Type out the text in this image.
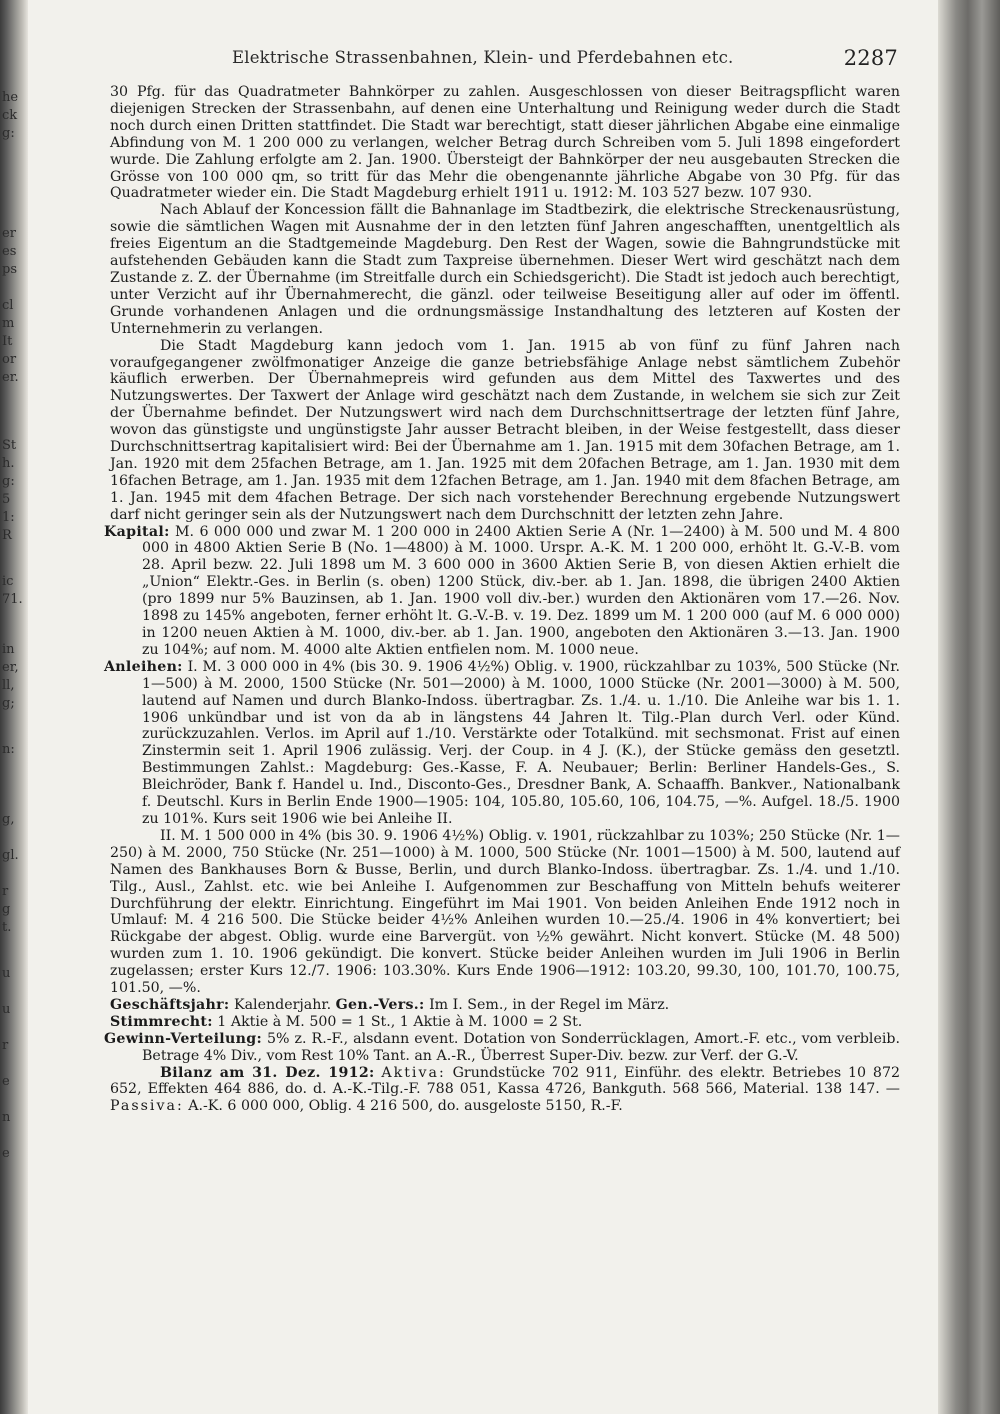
he
ck
g:
er
es
ps
cl
m
It
or
er.
St
h.
g:
5
1:
R
ic
71.
in
er,
ll,
g;
n:
g,
gl.
r
g
t.
u
u
r
e
n
e
Elektrische Strassenbahnen, Klein- und Pferdebahnen etc.	2287

30 Pfg. für das Quadratmeter Bahnkörper zu zahlen. Ausgeschlossen von dieser Beitragspflicht waren diejenigen Strecken der Strassenbahn, auf denen eine Unterhaltung und Reinigung weder durch die Stadt noch durch einen Dritten stattfindet. Die Stadt war berechtigt, statt dieser jährlichen Abgabe eine einmalige Abfindung von M. 1 200 000 zu verlangen, welcher Betrag durch Schreiben vom 5. Juli 1898 eingefordert wurde. Die Zahlung erfolgte am 2. Jan. 1900. Übersteigt der Bahnkörper der neu ausgebauten Strecken die Grösse von 100 000 qm, so tritt für das Mehr die obengenannte jährliche Abgabe von 30 Pfg. für das Quadratmeter wieder ein. Die Stadt Magdeburg erhielt 1911 u. 1912: M. 103 527 bezw. 107 930.

Nach Ablauf der Koncession fällt die Bahnanlage im Stadtbezirk, die elektrische Streckenausrüstung, sowie die sämtlichen Wagen mit Ausnahme der in den letzten fünf Jahren angeschafften, unentgeltlich als freies Eigentum an die Stadtgemeinde Magdeburg. Den Rest der Wagen, sowie die Bahngrundstücke mit aufstehenden Gebäuden kann die Stadt zum Taxpreise übernehmen. Dieser Wert wird geschätzt nach dem Zustande z. Z. der Übernahme (im Streitfalle durch ein Schiedsgericht). Die Stadt ist jedoch auch berechtigt, unter Verzicht auf ihr Übernahmerecht, die gänzl. oder teilweise Beseitigung aller auf oder im öffentl. Grunde vorhandenen Anlagen und die ordnungsmässige Instandhaltung des letzteren auf Kosten der Unternehmerin zu verlangen.

Die Stadt Magdeburg kann jedoch vom 1. Jan. 1915 ab von fünf zu fünf Jahren nach voraufgegangener zwölfmonatiger Anzeige die ganze betriebsfähige Anlage nebst sämtlichem Zubehör käuflich erwerben. Der Übernahmepreis wird gefunden aus dem Mittel des Taxwertes und des Nutzungswertes. Der Taxwert der Anlage wird geschätzt nach dem Zustande, in welchem sie sich zur Zeit der Übernahme befindet. Der Nutzungswert wird nach dem Durchschnittsertrage der letzten fünf Jahre, wovon das günstigste und ungünstigste Jahr ausser Betracht bleiben, in der Weise festgestellt, dass dieser Durchschnittsertrag kapitalisiert wird: Bei der Übernahme am 1. Jan. 1915 mit dem 30fachen Betrage, am 1. Jan. 1920 mit dem 25fachen Betrage, am 1. Jan. 1925 mit dem 20fachen Betrage, am 1. Jan. 1930 mit dem 16fachen Betrage, am 1. Jan. 1935 mit dem 12fachen Betrage, am 1. Jan. 1940 mit dem 8fachen Betrage, am 1. Jan. 1945 mit dem 4fachen Betrage. Der sich nach vorstehender Berechnung ergebende Nutzungswert darf nicht geringer sein als der Nutzungswert nach dem Durchschnitt der letzten zehn Jahre.

Kapital: M. 6 000 000 und zwar M. 1 200 000 in 2400 Aktien Serie A (Nr. 1—2400) à M. 500 und M. 4 800 000 in 4800 Aktien Serie B (No. 1—4800) à M. 1000. Urspr. A.-K. M. 1 200 000, erhöht lt. G.-V.-B. vom 28. April bezw. 22. Juli 1898 um M. 3 600 000 in 3600 Aktien Serie B, von diesen Aktien erhielt die „Union“ Elektr.-Ges. in Berlin (s. oben) 1200 Stück, div.-ber. ab 1. Jan. 1898, die übrigen 2400 Aktien (pro 1899 nur 5% Bauzinsen, ab 1. Jan. 1900 voll div.-ber.) wurden den Aktionären vom 17.—26. Nov. 1898 zu 145% angeboten, ferner erhöht lt. G.-V.-B. v. 19. Dez. 1899 um M. 1 200 000 (auf M. 6 000 000) in 1200 neuen Aktien à M. 1000, div.-ber. ab 1. Jan. 1900, angeboten den Aktionären 3.—13. Jan. 1900 zu 104%; auf nom. M. 4000 alte Aktien entfielen nom. M. 1000 neue.

Anleihen: I. M. 3 000 000 in 4% (bis 30. 9. 1906 4½%) Oblig. v. 1900, rückzahlbar zu 103%, 500 Stücke (Nr. 1—500) à M. 2000, 1500 Stücke (Nr. 501—2000) à M. 1000, 1000 Stücke (Nr. 2001—3000) à M. 500, lautend auf Namen und durch Blanko-Indoss. übertragbar. Zs. 1./4. u. 1./10. Die Anleihe war bis 1. 1. 1906 unkündbar und ist von da ab in längstens 44 Jahren lt. Tilg.-Plan durch Verl. oder Künd. zurückzuzahlen. Verlos. im April auf 1./10. Verstärkte oder Totalkünd. mit sechsmonat. Frist auf einen Zinstermin seit 1. April 1906 zulässig. Verj. der Coup. in 4 J. (K.), der Stücke gemäss den gesetztl. Bestimmungen Zahlst.: Magdeburg: Ges.-Kasse, F. A. Neubauer; Berlin: Berliner Handels-Ges., S. Bleichröder, Bank f. Handel u. Ind., Disconto-Ges., Dresdner Bank, A. Schaaffh. Bankver., Nationalbank f. Deutschl. Kurs in Berlin Ende 1900—1905: 104, 105.80, 105.60, 106, 104.75, —%. Aufgel. 18./5. 1900 zu 101%. Kurs seit 1906 wie bei Anleihe II.

II. M. 1 500 000 in 4% (bis 30. 9. 1906 4½%) Oblig. v. 1901, rückzahlbar zu 103%; 250 Stücke (Nr. 1—250) à M. 2000, 750 Stücke (Nr. 251—1000) à M. 1000, 500 Stücke (Nr. 1001—1500) à M. 500, lautend auf Namen des Bankhauses Born & Busse, Berlin, und durch Blanko-Indoss. übertragbar. Zs. 1./4. und 1./10. Tilg., Ausl., Zahlst. etc. wie bei Anleihe I. Aufgenommen zur Beschaffung von Mitteln behufs weiterer Durchführung der elektr. Einrichtung. Eingeführt im Mai 1901. Von beiden Anleihen Ende 1912 noch in Umlauf: M. 4 216 500. Die Stücke beider 4½% Anleihen wurden 10.—25./4. 1906 in 4% konvertiert; bei Rückgabe der abgest. Oblig. wurde eine Barvergüt. von ½% gewährt. Nicht konvert. Stücke (M. 48 500) wurden zum 1. 10. 1906 gekündigt. Die konvert. Stücke beider Anleihen wurden im Juli 1906 in Berlin zugelassen; erster Kurs 12./7. 1906: 103.30%. Kurs Ende 1906—1912: 103.20, 99.30, 100, 101.70, 100.75, 101.50, —%.

Geschäftsjahr: Kalenderjahr. Gen.-Vers.: Im I. Sem., in der Regel im März.

Stimmrecht: 1 Aktie à M. 500 = 1 St., 1 Aktie à M. 1000 = 2 St.

Gewinn-Verteilung: 5% z. R.-F., alsdann event. Dotation von Sonderrücklagen, Amort.-F. etc., vom verbleib. Betrage 4% Div., vom Rest 10% Tant. an A.-R., Überrest Super-Div. bezw. zur Verf. der G.-V.

Bilanz am 31. Dez. 1912: Aktiva: Grundstücke 702 911, Einführ. des elektr. Betriebes 10 872 652, Effekten 464 886, do. d. A.-K.-Tilg.-F. 788 051, Kassa 4726, Bankguth. 568 566, Material. 138 147. — Passiva: A.-K. 6 000 000, Oblig. 4 216 500, do. ausgeloste 5150, R.-F.
